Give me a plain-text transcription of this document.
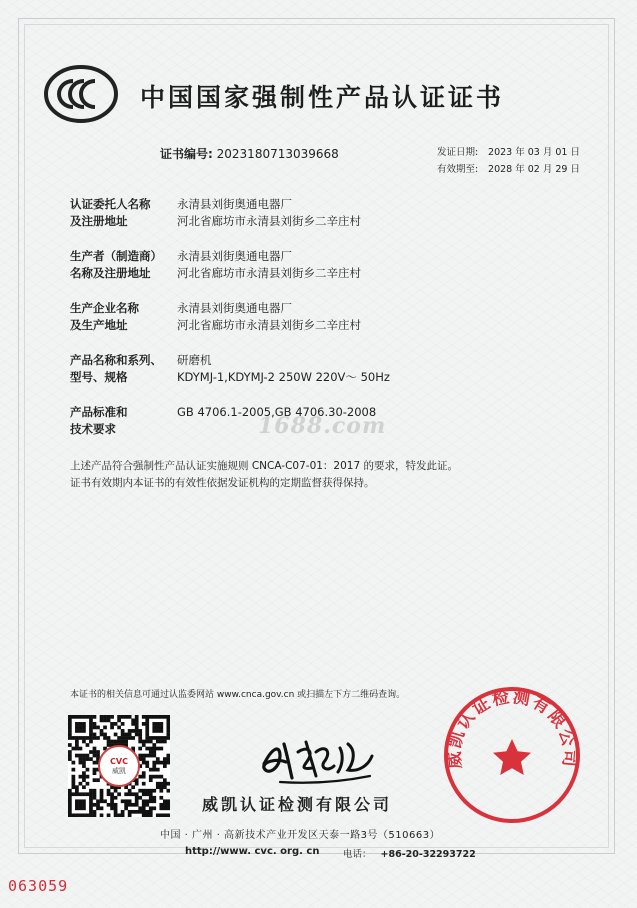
中国国家强制性产品认证证书
证书编号: 2023180713039668	发证日期: 2023 年 03 月 01 日
有效期至: 2028 年 02 月 29 日
认证委托人名称
及注册地址
永清县刘街奥通电器厂
河北省廊坊市永清县刘街乡二辛庄村
生产者（制造商）
名称及注册地址
永清县刘街奥通电器厂
河北省廊坊市永清县刘街乡二辛庄村
生产企业名称
及生产地址
永清县刘街奥通电器厂
河北省廊坊市永清县刘街乡二辛庄村
产品名称和系列、
型号、规格
研磨机
KDYMJ-1,KDYMJ-2 250W 220V～ 50Hz
产品标准和
技术要求
GB 4706.1-2005,GB 4706.30-2008
1688.com
上述产品符合强制性产品认证实施规则 CNCA-C07-01：2017 的要求，特发此证。
证书有效期内本证书的有效性依据发证机构的定期监督获得保持。
本证书的相关信息可通过认监委网站 www.cnca.gov.cn 或扫描左下方二维码查询。
CVC
威凯
威凯认证检测有限公司
威凯认证检测有限公司
中国 · 广州 · 高新技术产业开发区天泰一路3号（510663）
http://www. cvc. org. cn 电话： +86-20-32293722
063059
